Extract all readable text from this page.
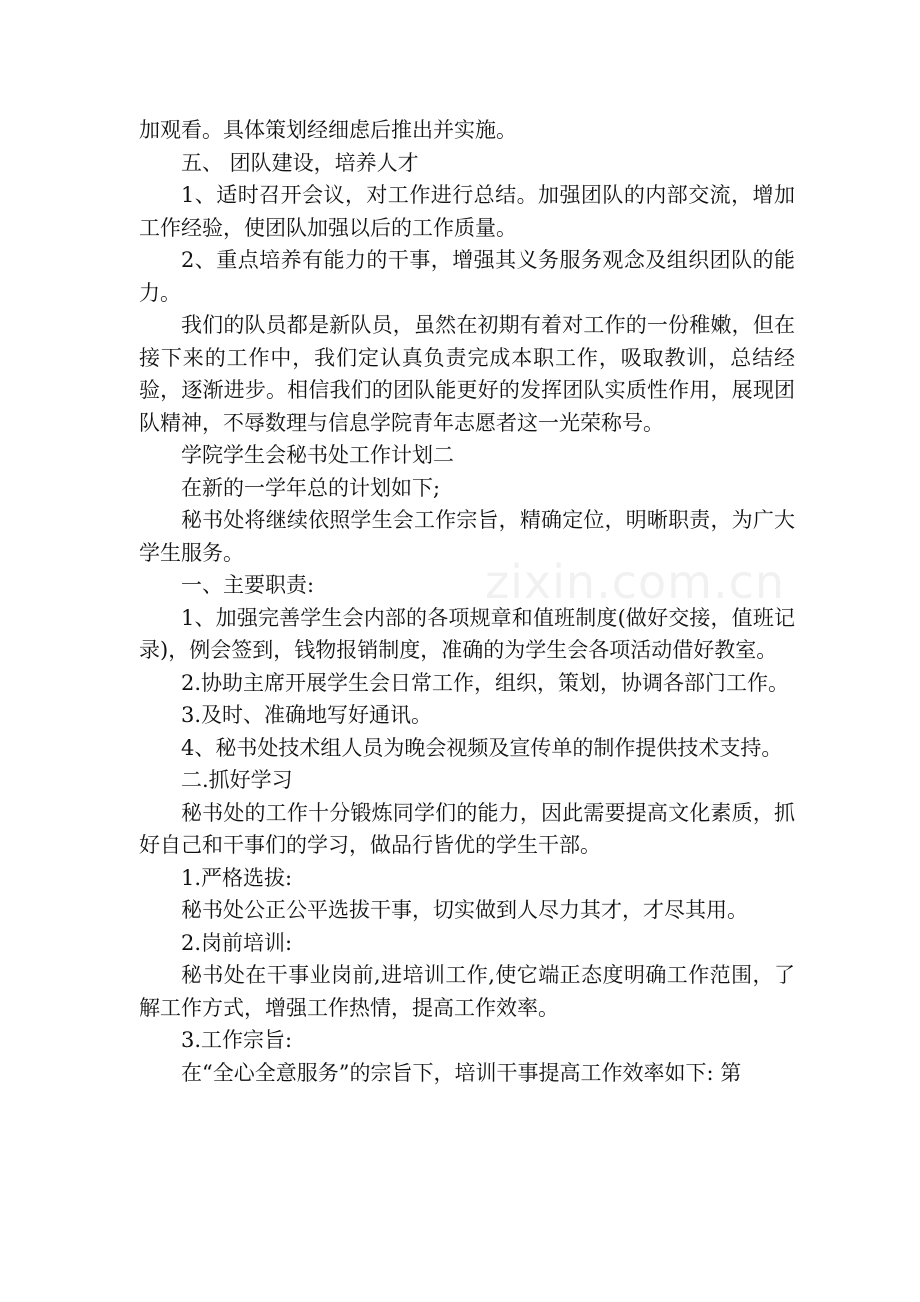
加观看。具体策划经细虑后推出并实施。

五、 团队建设，培养人才

1、适时召开会议，对工作进行总结。加强团队的内部交流，增加工作经验，使团队加强以后的工作质量。

2、重点培养有能力的干事，增强其义务服务观念及组织团队的能力。

我们的队员都是新队员，虽然在初期有着对工作的一份稚嫩，但在接下来的工作中，我们定认真负责完成本职工作，吸取教训，总结经验，逐渐进步。相信我们的团队能更好的发挥团队实质性作用，展现团队精神，不辱数理与信息学院青年志愿者这一光荣称号。

学院学生会秘书处工作计划二

在新的一学年总的计划如下;

秘书处将继续依照学生会工作宗旨，精确定位，明晰职责，为广大学生服务。

一、主要职责:

1、加强完善学生会内部的各项规章和值班制度(做好交接，值班记录)，例会签到，钱物报销制度，准确的为学生会各项活动借好教室。

2.协助主席开展学生会日常工作，组织，策划，协调各部门工作。

3.及时、准确地写好通讯。

4、秘书处技术组人员为晚会视频及宣传单的制作提供技术支持。

二.抓好学习

秘书处的工作十分锻炼同学们的能力，因此需要提高文化素质，抓好自己和干事们的学习，做品行皆优的学生干部。

1.严格选拔:

秘书处公正公平选拔干事，切实做到人尽力其才，才尽其用。

2.岗前培训:

秘书处在干事业岗前,进培训工作,使它端正态度明确工作范围，了解工作方式，增强工作热情，提高工作效率。

3.工作宗旨:

在“全心全意服务”的宗旨下，培训干事提高工作效率如下: 第

zixin.com.cn
